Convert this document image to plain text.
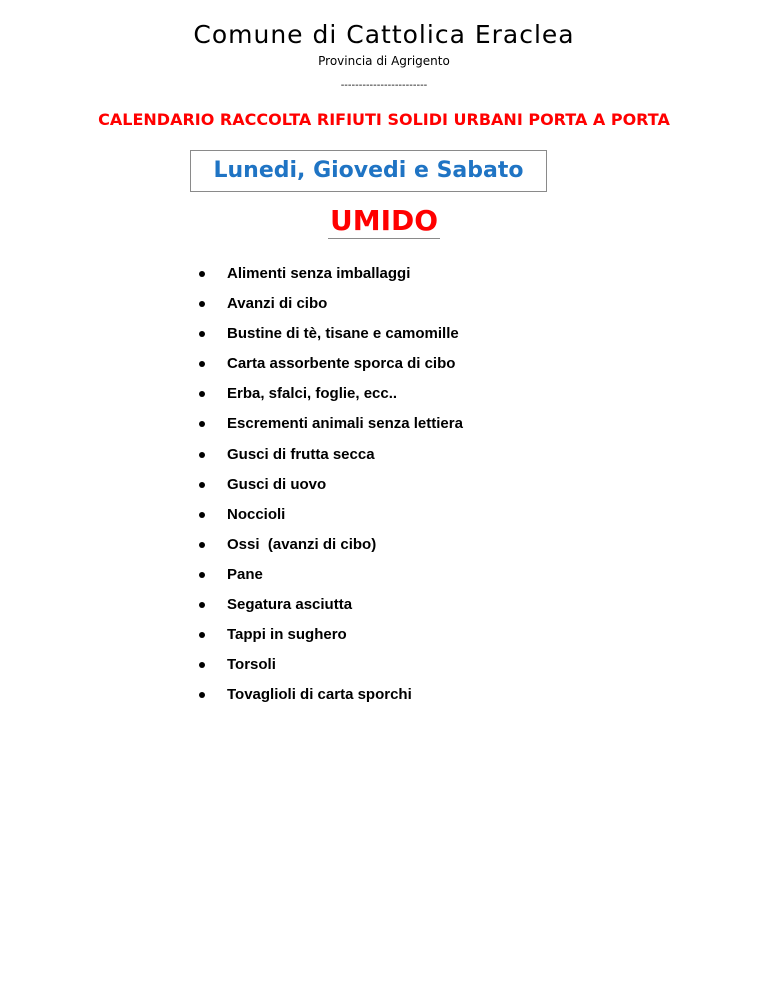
Comune di Cattolica Eraclea
Provincia di Agrigento
------------------------
CALENDARIO RACCOLTA RIFIUTI SOLIDI URBANI PORTA A PORTA
Lunedi, Giovedi e Sabato
UMIDO
Alimenti senza imballaggi
Avanzi di cibo
Bustine di tè, tisane e camomille
Carta assorbente sporca di cibo
Erba, sfalci, foglie, ecc..
Escrementi animali senza lettiera
Gusci di frutta secca
Gusci di uovo
Noccioli
Ossi  (avanzi di cibo)
Pane
Segatura asciutta
Tappi in sughero
Torsoli
Tovaglioli di carta sporchi
